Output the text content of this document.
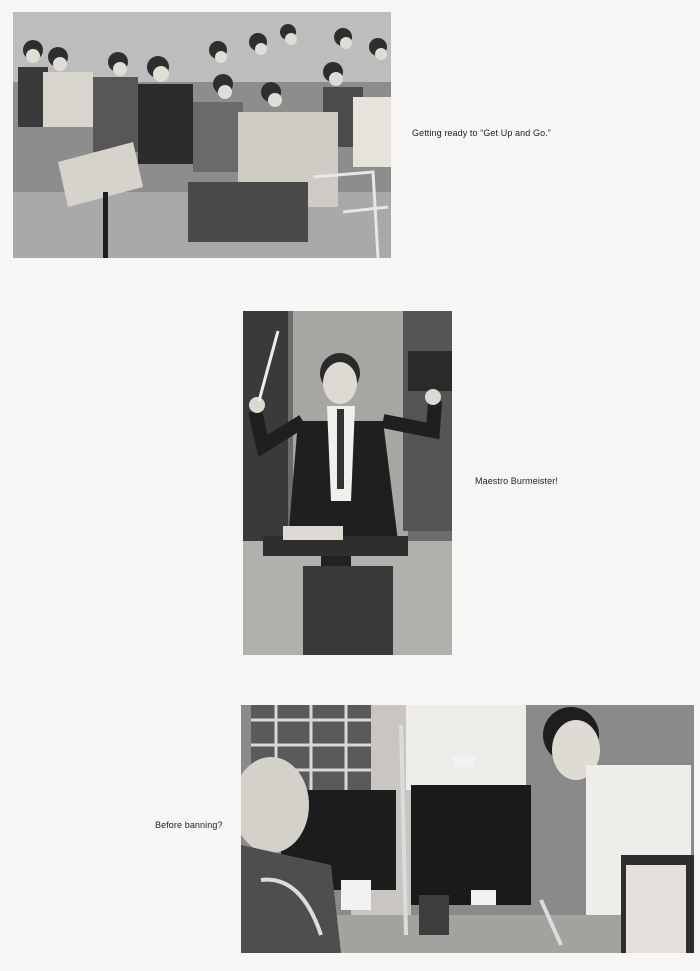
Getting ready to “Get Up and Go.”
Maestro Burmeister!
Before banning?
